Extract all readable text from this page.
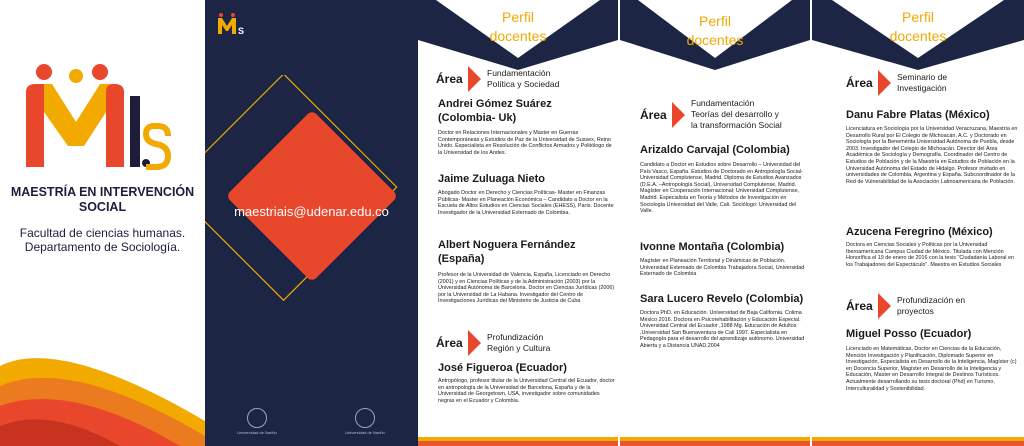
MAESTRÍA EN INTERVENCIÓN SOCIAL
Facultad de ciencias humanas.
Departamento de Sociología.
S
maestriais@udenar.edu.co
Universidad de Nariño	Universidad de Nariño
Perfil
docentes
Área	Fundamentación
Política y Sociedad
Andrei Gómez Suárez
(Colombia- Uk)
Doctor en Relaciones Internacionales y Master en Guerras Contemporáneas y Estudios de Paz de la Universidad de Sussex, Reino Unido. Especialista en Resolución de Conflictos Armados y Politólogo de la Universidad de los Andes.
Jaime Zuluaga Nieto
Abogado Doctor en Derecho y Ciencias Políticas- Master en Finanzas Públicas- Master en Planeación Económica – Candidato a Doctor en la Escuela de Altos Estudios en Ciencias Sociales (EHESS), París. Docente Investigador de la Universidad Externado de Colombia.
Albert Noguera Fernández
(España)
Profesor de la Universidad de Valencia, España, Licenciado en Derecho (2001) y en Ciencias Políticas y de la Administración (2003) por la Universidad Autónoma de Barcelona. Doctor en Ciencias Jurídicas (2006) por la Universidad de La Habana. Investigador del Centro de Investigaciones Jurídicas del Ministerio de Justicia de Cuba
Área	Profundización
Región y Cultura
José Figueroa (Ecuador)
Antropólogo, profesor titular de la Universidad Central del Ecuador, doctor en antropología de la Universidad de Barcelona, España y de la Universidad de Georgetown, USA, investigador sobre comunidades negras en el Ecuador y Colombia.
Perfil
docentes
Área
Fundamentación
Teorías del desarrollo y
la transformación Social
Arizaldo Carvajal (Colombia)
Candidato a Doctor en Estudios sobre Desarrollo – Universidad del País Vasco, España. Estudios de Doctorado en Antropología Social- Universidad Complutense, Madrid. Diploma de Estudios Avanzados (D.E.A. –Antropología Social), Universidad Complutense, Madrid. Magíster en Cooperación Internacional: Universidad Complutense, Madrid. Especialista en Teoría y Métodos de Investigación en Sociología Universidad del Valle, Cali. Sociólogo: Universidad del Valle.
Ivonne Montaña (Colombia)
Magíster en Planeación Territorial y Dinámicas de Población. Universidad Externado de Colombia Trabajadora Social, Universidad Externado de Colombia
Sara Lucero Revelo (Colombia)
Doctora PhD. en Educación. Universidad de Baja California. Colima México 2016. Doctora en Psicorehabilitación y Educación Especial. Universidad Central del Ecuador ,1988 Mg. Educación de Adultos ,Universidad San Buenaventura de Cali 1997. Especialista en Pedagogía para el desarrollo del aprendizaje autónomo. Universidad Abierta y a Distancia UNAD,2004
Perfil
docentes
Área	Seminario de
Investigación
Danu Fabre Platas (México)
Licenciatura en Sociología por la Universidad Veracruzana, Maestría en Desarrollo Rural por El Colegio de Michoacán, A.C. y Doctorado en Sociología por la Benemérita Universidad Autónoma de Puebla, desde 2003. Investigador del Colegio de Michoacán. Director del Área Académica de Sociología y Demografía. Coordinador del Centro de Estudios de Población y de la Maestría en Estudios de Población en la Universidad Autónoma del Estado de Hidalgo. Profesor invitado en universidades de Colombia, Argentina y España. Subcoordinador de la Red de Vulnerabilidad de la Asociación Latinoamericana de Población.
Azucena Feregrino (México)
Doctora en Ciencias Sociales y Políticas por la Universidad Iberoamericana Campus Ciudad de México. Titulada con Mención Honorífica el 19 de enero de 2016 con la tesis "Ciudadanía Laboral en los Trabajadores del Espectáculo". Maestra en Estudios Sociales
Área	Profundización en
proyectos
Miguel Posso (Ecuador)
Licenciado en Matemáticas, Doctor en Ciencias de la Educación, Mención Investigación y Planificación, Diplomado Superior en Investigación, Especialista en Desarrollo de la Inteligencia, Magíster (c) en Docencia Superior, Magíster en Desarrollo de la Inteligencia y Educación, Master en Desarrollo Integral de Destinos Turísticos. Actualmente desarrollando su tesis doctoral (Phd) en Turismo, Interculturalidad y Sostenibilidad.
